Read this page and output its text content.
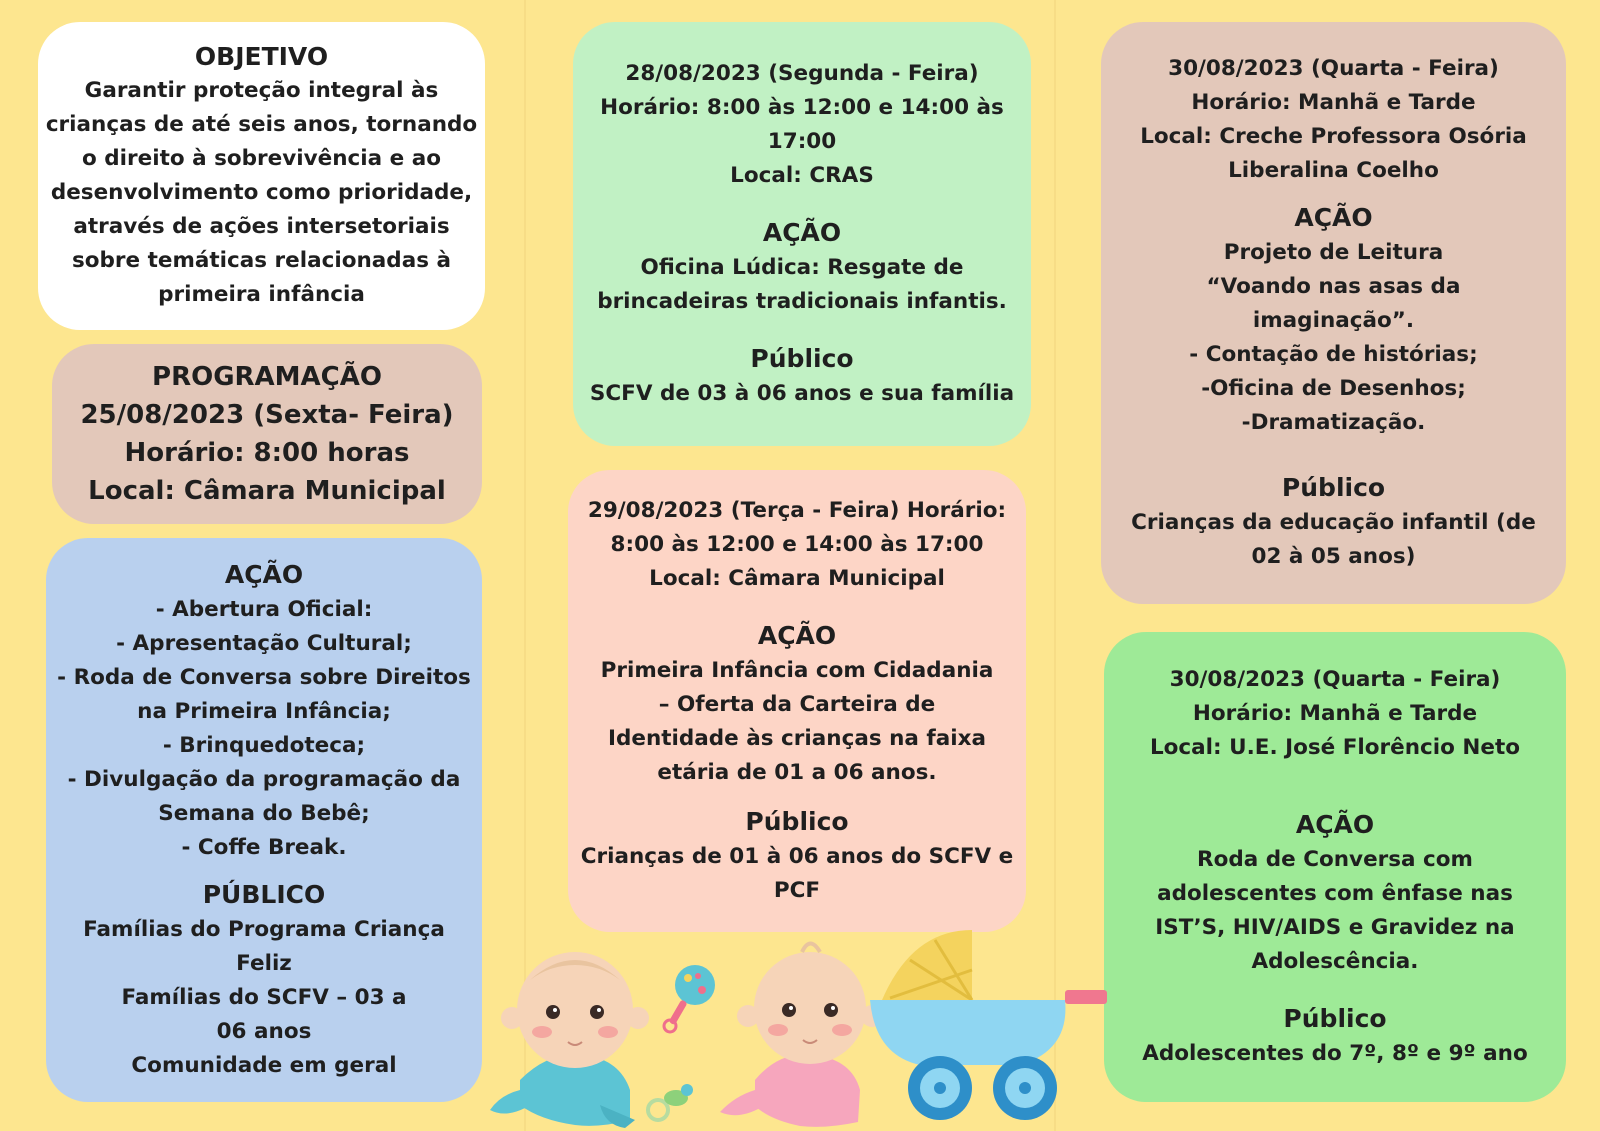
OBJETIVO
Garantir proteção integral às
crianças de até seis anos, tornando
o direito à sobrevivência e ao
desenvolvimento como prioridade,
através de ações intersetoriais
sobre temáticas relacionadas à
primeira infância
PROGRAMAÇÃO
25/08/2023 (Sexta- Feira)
Horário: 8:00 horas
Local: Câmara Municipal
AÇÃO
- Abertura Oficial:
- Apresentação Cultural;
- Roda de Conversa sobre Direitos
na Primeira Infância;
- Brinquedoteca;
- Divulgação da programação da
Semana do Bebê;
- Coffe Break.
PÚBLICO
Famílias do Programa Criança
Feliz
Famílias do SCFV – 03 a
06 anos
Comunidade em geral
28/08/2023 (Segunda - Feira)
Horário: 8:00 às 12:00 e 14:00 às
17:00
Local: CRAS
AÇÃO
Oficina Lúdica: Resgate de
brincadeiras tradicionais infantis.
Público
SCFV de 03 à 06 anos e sua família
29/08/2023 (Terça - Feira) Horário:
8:00 às 12:00 e 14:00 às 17:00
Local: Câmara Municipal
AÇÃO
Primeira Infância com Cidadania
– Oferta da Carteira de
Identidade às crianças na faixa
etária de 01 a 06 anos.
Público
Crianças de 01 à 06 anos do SCFV e
PCF
30/08/2023 (Quarta - Feira)
Horário: Manhã e Tarde
Local: Creche Professora Osória
Liberalina Coelho
AÇÃO
Projeto de Leitura
“Voando nas asas da
imaginação”.
- Contação de histórias;
-Oficina de Desenhos;
-Dramatização.
Público
Crianças da educação infantil (de
02 à 05 anos)
30/08/2023 (Quarta - Feira)
Horário: Manhã e Tarde
Local: U.E. José Florêncio Neto
AÇÃO
Roda de Conversa com
adolescentes com ênfase nas
IST’S, HIV/AIDS e Gravidez na
Adolescência.
Público
Adolescentes do 7º, 8º e 9º ano
